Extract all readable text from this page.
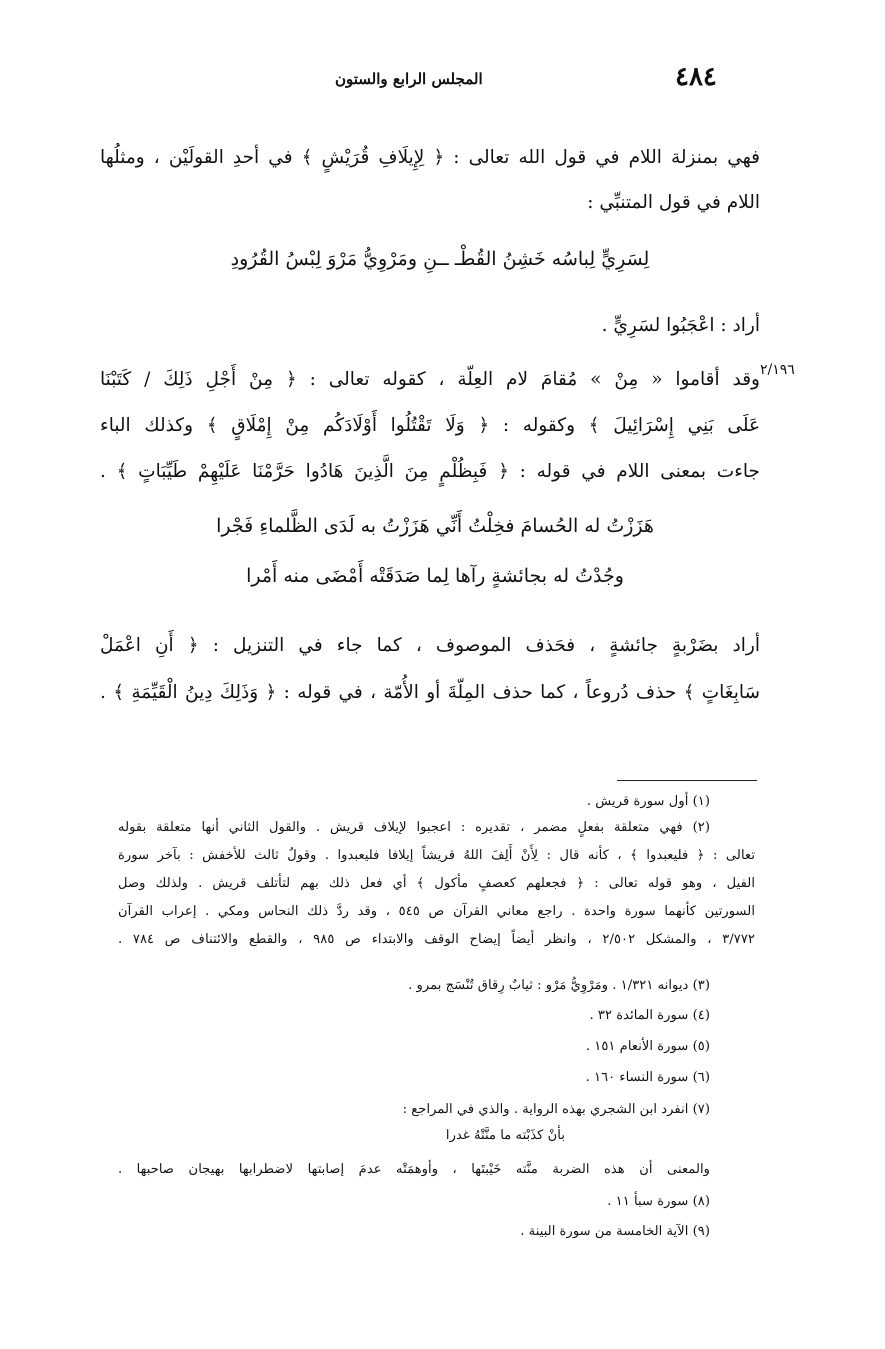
٤٨٤
المجلس الرابع والستون
٢/١٩٦
فهي بمنزلة اللام في قول الله تعالى : ﴿ لِإِيلَافِ قُرَيْشٍ ﴾ في أحدِ القولَيْن ، ومثلُها
اللام في قول المتنبِّي :
لِسَرِيٍّ لِباسُه خَشِنُ القُطْـ ــنِ ومَرْوِيُّ مَرْوَ لِبْسُ القُرُودِ
أراد : اعْجَبُوا لسَرِيٍّ .
وقد أقاموا « مِنْ » مُقامَ لام العِلّة ، كقوله تعالى : ﴿ مِنْ أَجْلِ ذَلِكَ / كَتَبْنَا
عَلَى بَنِي إِسْرَائِيلَ ﴾ وكقوله : ﴿ وَلَا تَقْتُلُوا أَوْلَادَكُم مِنْ إِمْلَاقٍ ﴾ وكذلك الباء
جاءت بمعنى اللام في قوله : ﴿ فَبِظُلْمٍ مِنَ الَّذِينَ هَادُوا حَرَّمْنَا عَلَيْهِمْ طَيِّبَاتٍ ﴾ .
هَزَزْتُ له الحُسامَ فخِلْتُ أَنِّي هَزَزْتُ به لَدَى الظَّلماءِ فَجْرا
وجُدْتُ له بجائشةٍ رآها لِما صَدَقَتْه أَمْضَى منه أَمْرا
أراد بضَرْبةٍ جائشةٍ ، فحَذف الموصوف ، كما جاء في التنزيل : ﴿ أَنِ اعْمَلْ
سَابِغَاتٍ ﴾ حذف دُروعاً ، كما حذف المِلّةَ أو الأُمّة ، في قوله : ﴿ وَذَلِكَ دِينُ الْقَيِّمَةِ ﴾ .
(١) أول سورة قريش .
(٢) فهي متعلقة بفعلٍ مضمر ، تقديره : اعجبوا لإيلاف قريش . والقول الثاني أنها متعلقة بقوله
تعالى : ﴿ فليعبدوا ﴾ ، كأنه قال : لِأَنْ أَلِفَ اللهُ قريشاً إيلافا فليعبدوا . وقولٌ ثالث للأخفش : بآخر سورة
الفيل ، وهو قوله تعالى : ﴿ فجعلهم كعصفٍ مأكول ﴾ أي فعل ذلك بهم لتأتلف قريش . ولذلك وصل
السورتين كأنهما سورة واحدة . راجع معاني القرآن ص ٥٤٥ ، وقد ردَّ ذلك النحاس ومكي . إعراب القرآن
٣/٧٧٢ ، والمشكل ٢/٥٠٢ ، وانظر أيضاً إيضاح الوقف والابتداء ص ٩٨٥ ، والقطع والائتناف ص ٧٨٤ .
(٣) ديوانه ١/٣٢١ . ومَرْوِيُّ مَرْو : ثيابٌ رِقاق تُنْسَج بمرو .
(٤) سورة المائدة ٣٢ .
(٥) سورة الأنعام ١٥١ .
(٦) سورة النساء ١٦٠ .
(٧) انفرد ابن الشجري بهذه الرواية . والذي في المراجع :
بأنْ كذَبْته ما منَّتْهُ غدرا
والمعنى أن هذه الضربة منَّته خَيْبتَها ، وأوهمَتْه عدمَ إصابتها لاضطرابها بهيجان صاحبها .
(٨) سورة سبأ ١١ .
(٩) الآية الخامسة من سورة البينة .
